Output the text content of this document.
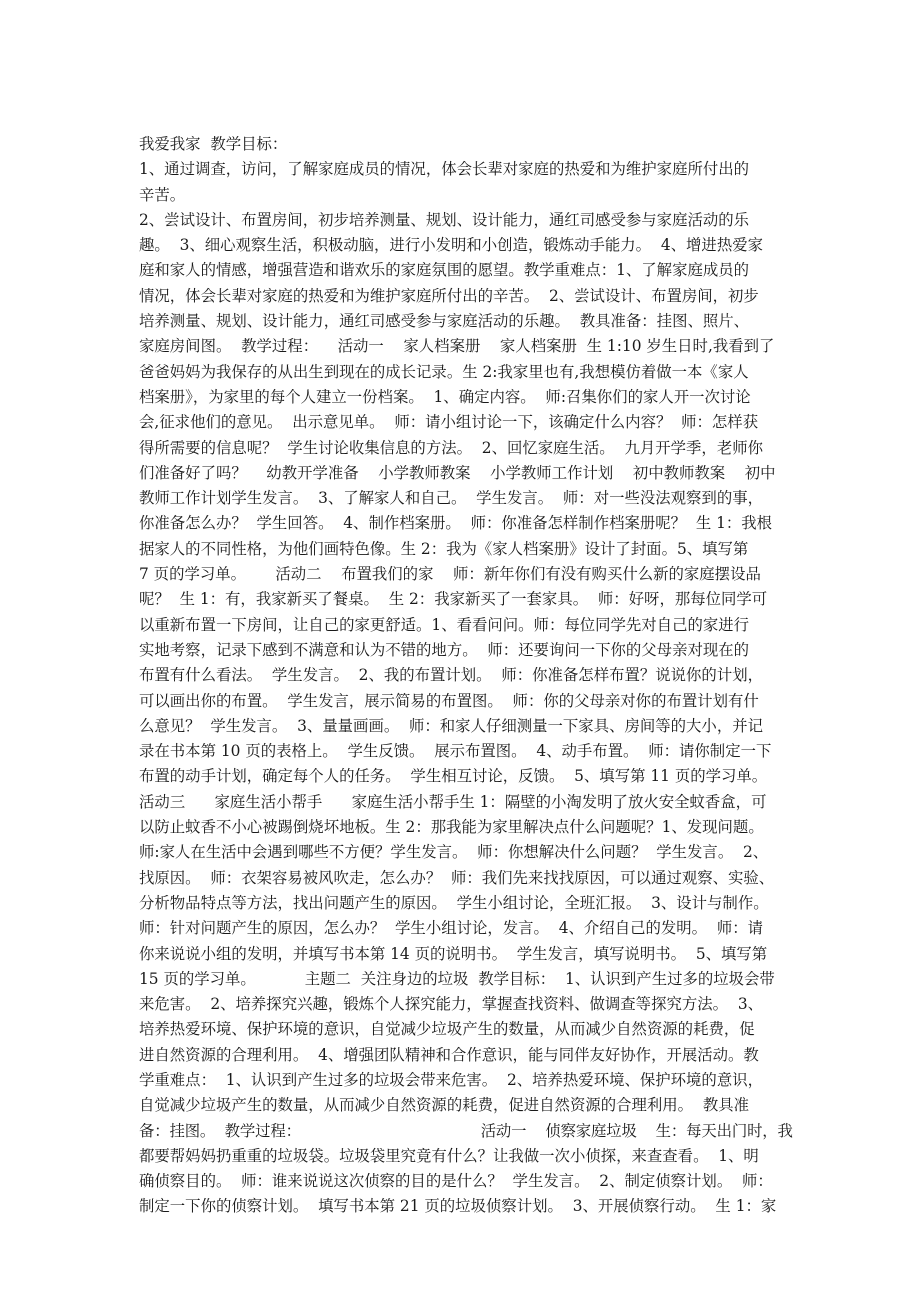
我爱我家  教学目标：
1、通过调查，访问，了解家庭成员的情况，体会长辈对家庭的热爱和为维护家庭所付出的
辛苦。
2、尝试设计、布置房间，初步培养测量、规划、设计能力，通红司感受参与家庭活动的乐
趣。  3、细心观察生活，积极动脑，进行小发明和小创造，锻炼动手能力。  4、增进热爱家
庭和家人的情感，增强营造和谐欢乐的家庭氛围的愿望。教学重难点：1、了解家庭成员的
情况，体会长辈对家庭的热爱和为维护家庭所付出的辛苦。  2、尝试设计、布置房间，初步
培养测量、规划、设计能力，通红司感受参与家庭活动的乐趣。  教具准备：挂图、照片、
家庭房间图。  教学过程：    活动一    家人档案册    家人档案册  生 1:10 岁生日时,我看到了
爸爸妈妈为我保存的从出生到现在的成长记录。生 2:我家里也有,我想模仿着做一本《家人
档案册》，为家里的每个人建立一份档案。  1、确定内容。  师:召集你们的家人开一次讨论
会,征求他们的意见。  出示意见单。  师：请小组讨论一下，该确定什么内容？  师：怎样获
得所需要的信息呢？  学生讨论收集信息的方法。  2、回忆家庭生活。  九月开学季，老师你
们准备好了吗？    幼教开学准备    小学教师教案    小学教师工作计划    初中教师教案    初中
教师工作计划学生发言。  3、了解家人和自己。  学生发言。  师：对一些没法观察到的事，
你准备怎么办？  学生回答。  4、制作档案册。  师：你准备怎样制作档案册呢？  生 1：我根
据家人的不同性格，为他们画特色像。生 2：我为《家人档案册》设计了封面。5、填写第
7 页的学习单。      活动二    布置我们的家    师：新年你们有没有购买什么新的家庭摆设品
呢？  生 1：有，我家新买了餐桌。  生 2：我家新买了一套家具。  师：好呀，那每位同学可
以重新布置一下房间，让自己的家更舒适。1、看看问问。师：每位同学先对自己的家进行
实地考察，记录下感到不满意和认为不错的地方。  师：还要询问一下你的父母亲对现在的
布置有什么看法。  学生发言。  2、我的布置计划。  师：你准备怎样布置？说说你的计划，
可以画出你的布置。  学生发言，展示简易的布置图。  师：你的父母亲对你的布置计划有什
么意见？  学生发言。  3、量量画画。  师：和家人仔细测量一下家具、房间等的大小，并记
录在书本第 10 页的表格上。  学生反馈。  展示布置图。  4、动手布置。  师：请你制定一下
布置的动手计划，确定每个人的任务。  学生相互讨论，反馈。  5、填写第 11 页的学习单。
活动三      家庭生活小帮手      家庭生活小帮手生 1：隔壁的小淘发明了放火安全蚊香盒，可
以防止蚊香不小心被踢倒烧坏地板。生 2：那我能为家里解决点什么问题呢？1、发现问题。
师:家人在生活中会遇到哪些不方便？学生发言。  师：你想解决什么问题？  学生发言。  2、
找原因。  师：衣架容易被风吹走，怎么办？  师：我们先来找找原因，可以通过观察、实验、
分析物品特点等方法，找出问题产生的原因。  学生小组讨论，全班汇报。  3、设计与制作。
师：针对问题产生的原因，怎么办？  学生小组讨论，发言。  4、介绍自己的发明。  师：请
你来说说小组的发明，并填写书本第 14 页的说明书。  学生发言，填写说明书。  5、填写第
15 页的学习单。          主题二  关注身边的垃圾  教学目标：  1、认识到产生过多的垃圾会带
来危害。  2、培养探究兴趣，锻炼个人探究能力，掌握查找资料、做调查等探究方法。  3、
培养热爱环境、保护环境的意识，自觉减少垃圾产生的数量，从而减少自然资源的耗费，促
进自然资源的合理利用。  4、增强团队精神和合作意识，能与同伴友好协作，开展活动。教
学重难点：  1、认识到产生过多的垃圾会带来危害。  2、培养热爱环境、保护环境的意识，
自觉减少垃圾产生的数量，从而减少自然资源的耗费，促进自然资源的合理利用。  教具准
备：挂图。  教学过程：                                      活动一    侦察家庭垃圾    生：每天出门时，我
都要帮妈妈扔重重的垃圾袋。垃圾袋里究竟有什么？让我做一次小侦探，来查查看。  1、明
确侦察目的。  师：谁来说说这次侦察的目的是什么？  学生发言。  2、制定侦察计划。  师：
制定一下你的侦察计划。  填写书本第 21 页的垃圾侦察计划。  3、开展侦察行动。  生 1：家
